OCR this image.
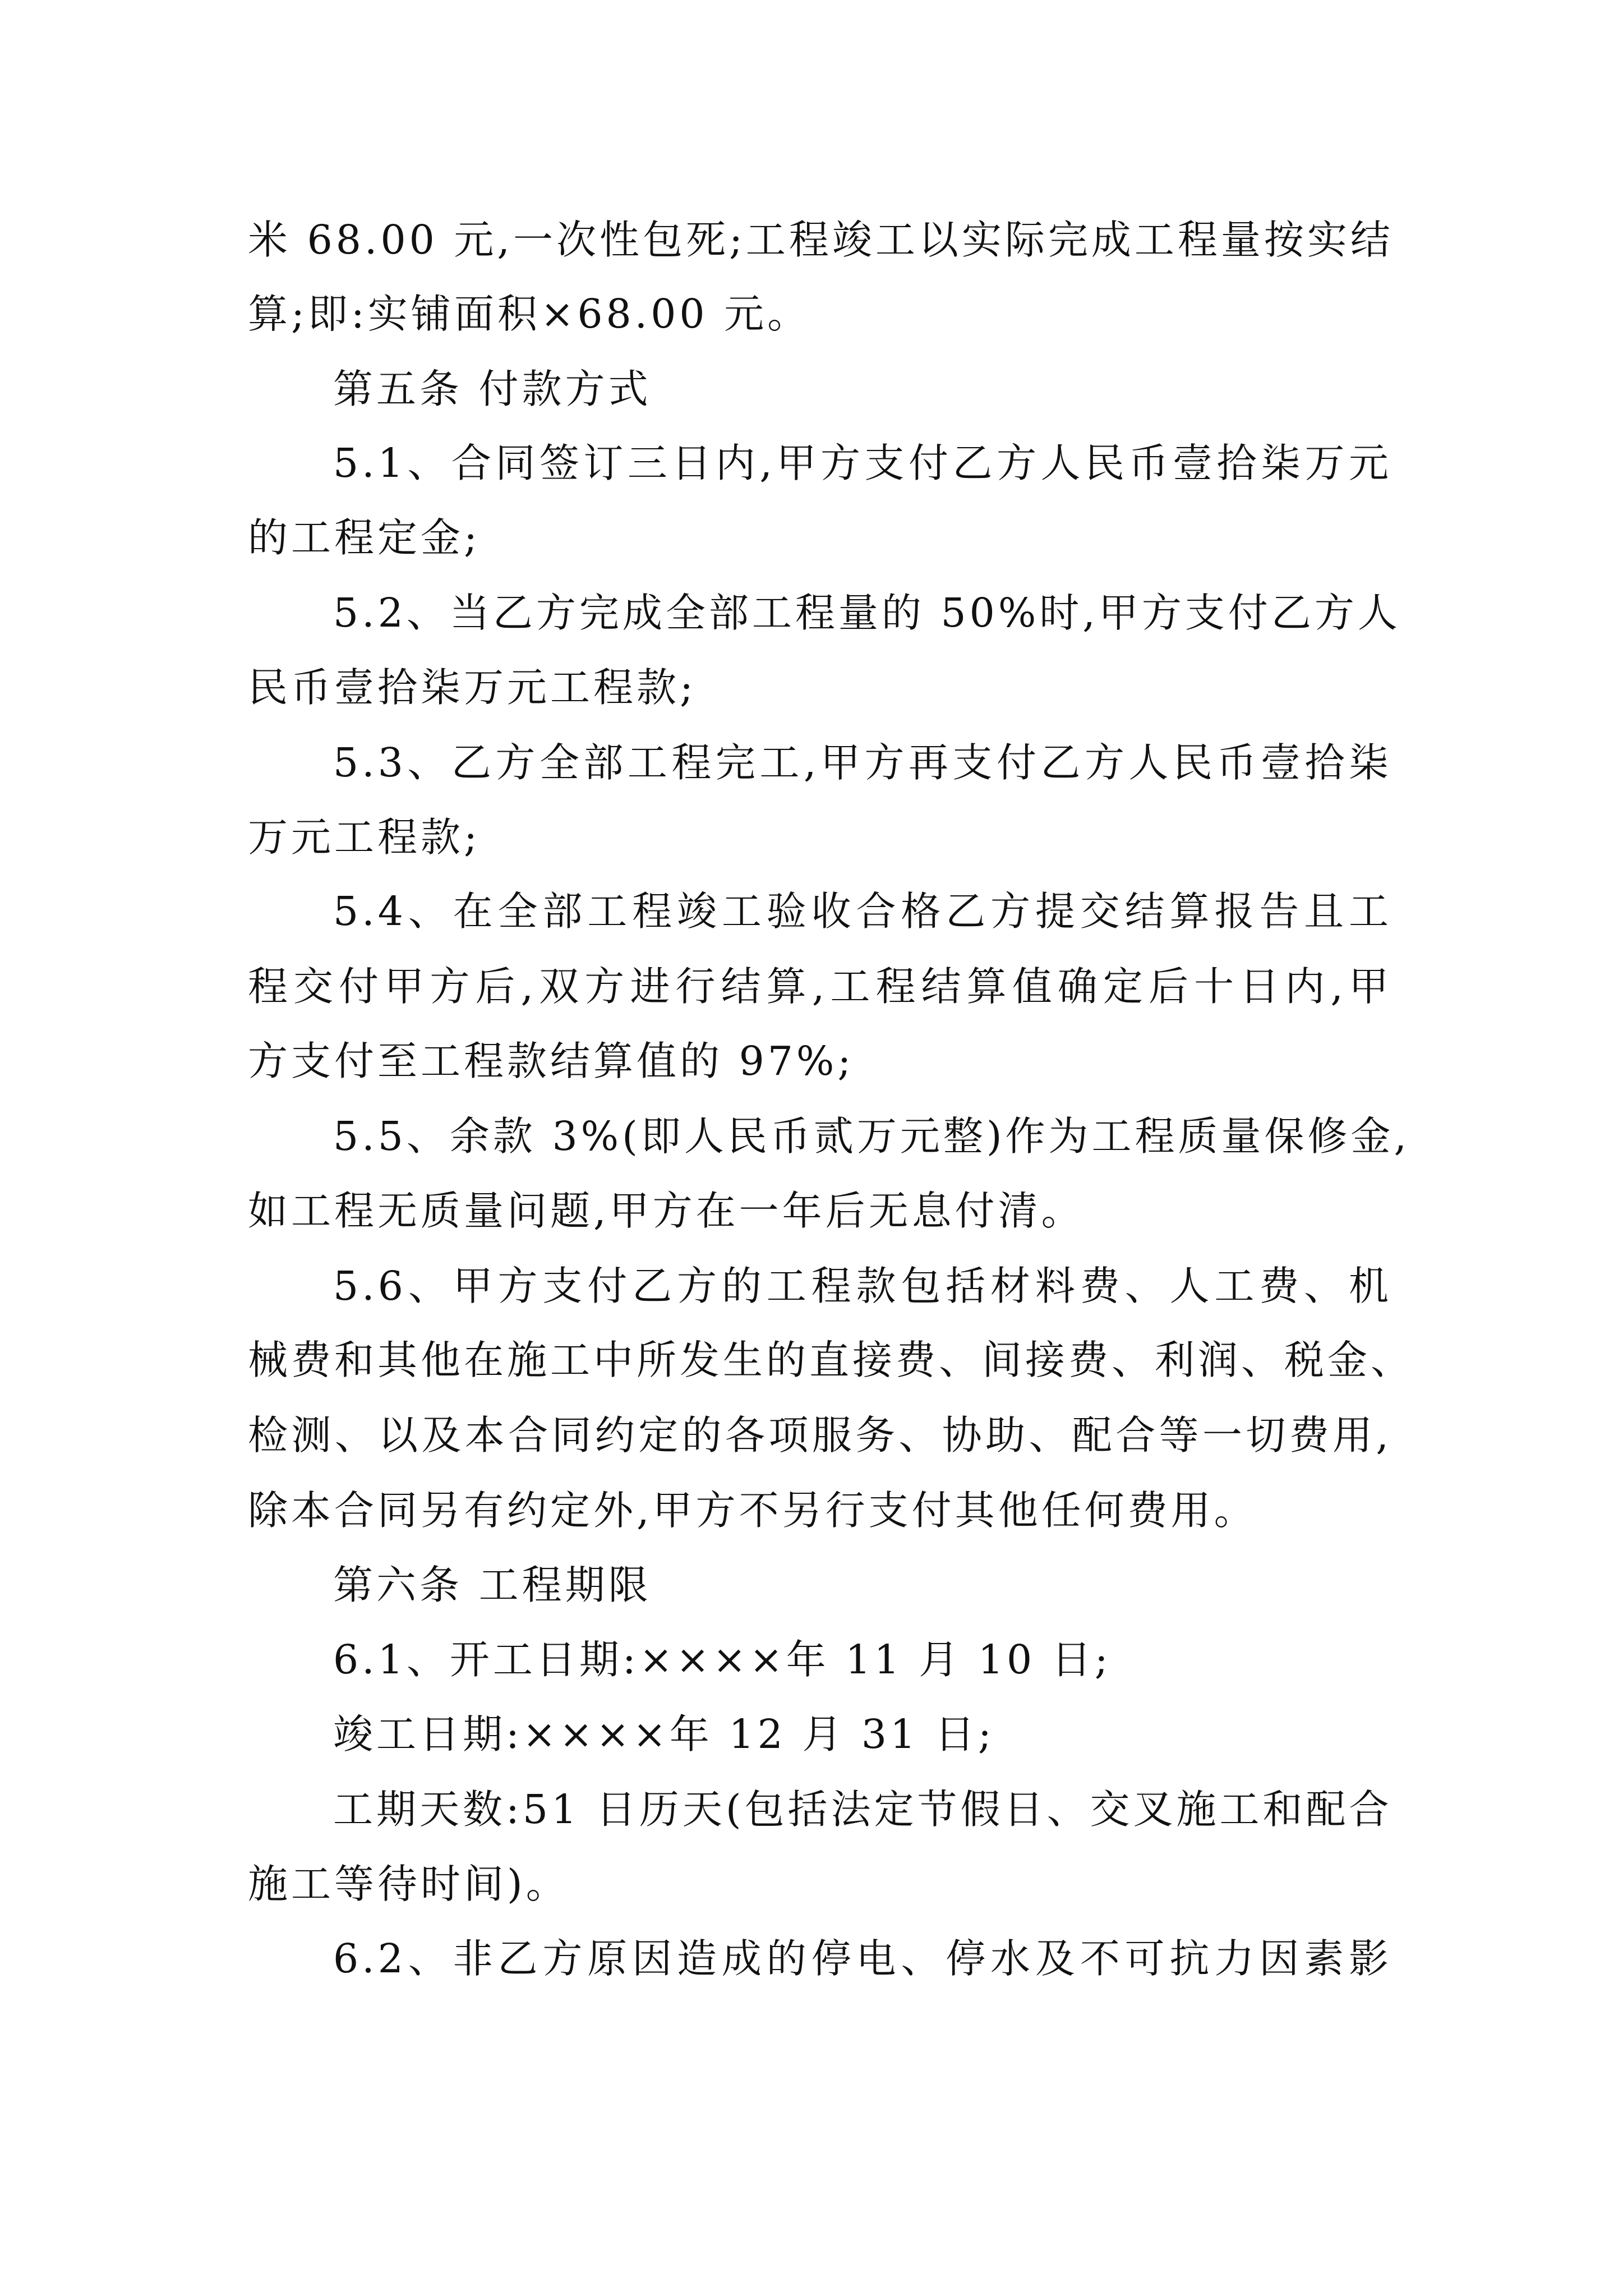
米 68.00 元,一次性包死;工程竣工以实际完成工程量按实结
算;即:实铺面积×68.00 元。
第五条 付款方式
5.1、合同签订三日内,甲方支付乙方人民币壹拾柒万元
的工程定金;
5.2、当乙方完成全部工程量的 50%时,甲方支付乙方人
民币壹拾柒万元工程款;
5.3、乙方全部工程完工,甲方再支付乙方人民币壹拾柒
万元工程款;
5.4、在全部工程竣工验收合格乙方提交结算报告且工
程交付甲方后,双方进行结算,工程结算值确定后十日内,甲
方支付至工程款结算值的 97%;
5.5、余款 3%(即人民币贰万元整)作为工程质量保修金,
如工程无质量问题,甲方在一年后无息付清。
5.6、甲方支付乙方的工程款包括材料费、人工费、机
械费和其他在施工中所发生的直接费、间接费、利润、税金、
检测、以及本合同约定的各项服务、协助、配合等一切费用,
除本合同另有约定外,甲方不另行支付其他任何费用。
第六条 工程期限
6.1、开工日期:××××年 11 月 10 日;
竣工日期:××××年 12 月 31 日;
工期天数:51 日历天(包括法定节假日、交叉施工和配合
施工等待时间)。
6.2、非乙方原因造成的停电、停水及不可抗力因素影
